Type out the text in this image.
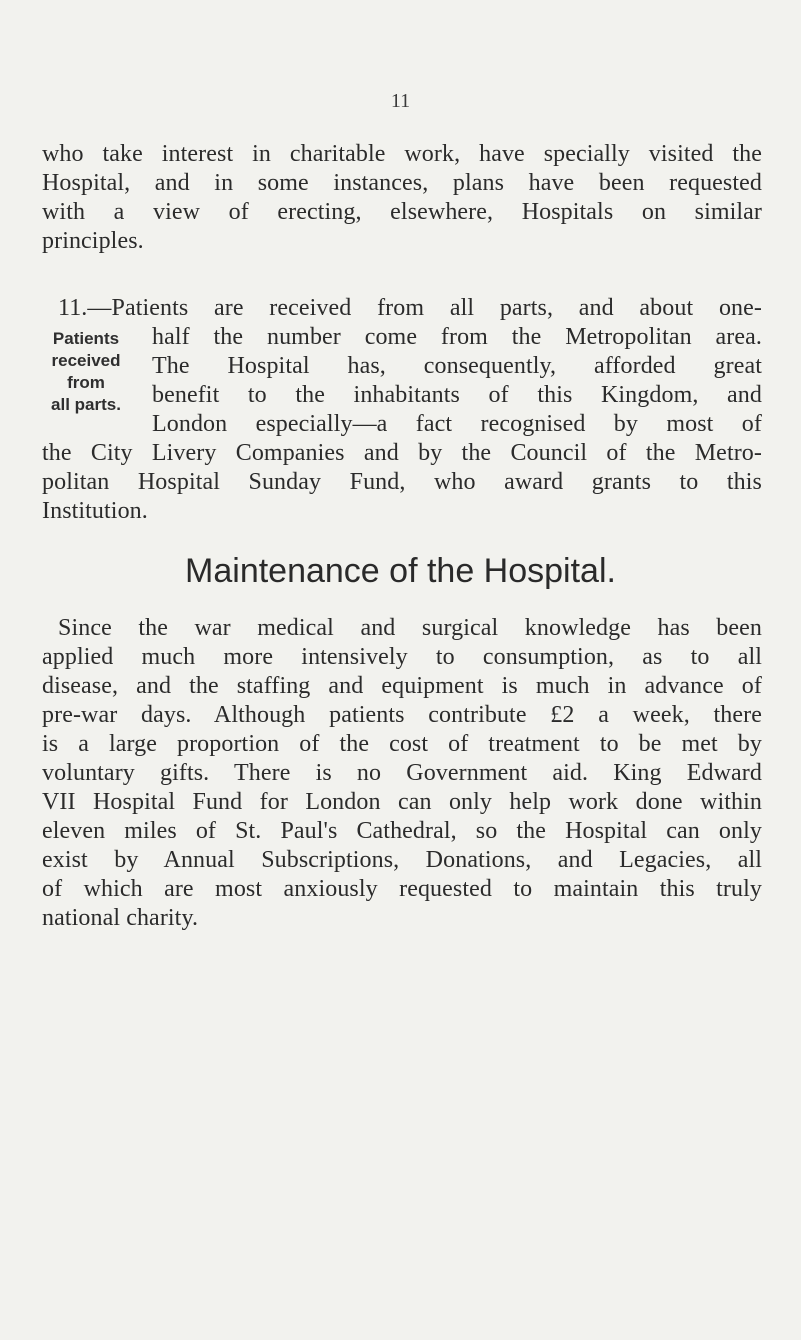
11
who take interest in charitable work, have specially visited the
Hospital, and in some instances, plans have been requested
with a view of erecting, elsewhere, Hospitals on similar
principles.
11.—Patients are received from all parts, and about one-
Patients
received
from
all parts.
half the number come from the Metropolitan area.
The Hospital has, consequently, afforded great
benefit to the inhabitants of this Kingdom, and
London especially—a fact recognised by most of
the City Livery Companies and by the Council of the Metro-
politan Hospital Sunday Fund, who award grants to this
Institution.
Maintenance of the Hospital.
Since the war medical and surgical knowledge has been
applied much more intensively to consumption, as to all
disease, and the staffing and equipment is much in advance of
pre-war days. Although patients contribute £2 a week, there
is a large proportion of the cost of treatment to be met by
voluntary gifts. There is no Government aid. King Edward
VII Hospital Fund for London can only help work done within
eleven miles of St. Paul's Cathedral, so the Hospital can only
exist by Annual Subscriptions, Donations, and Legacies, all
of which are most anxiously requested to maintain this truly
national charity.
